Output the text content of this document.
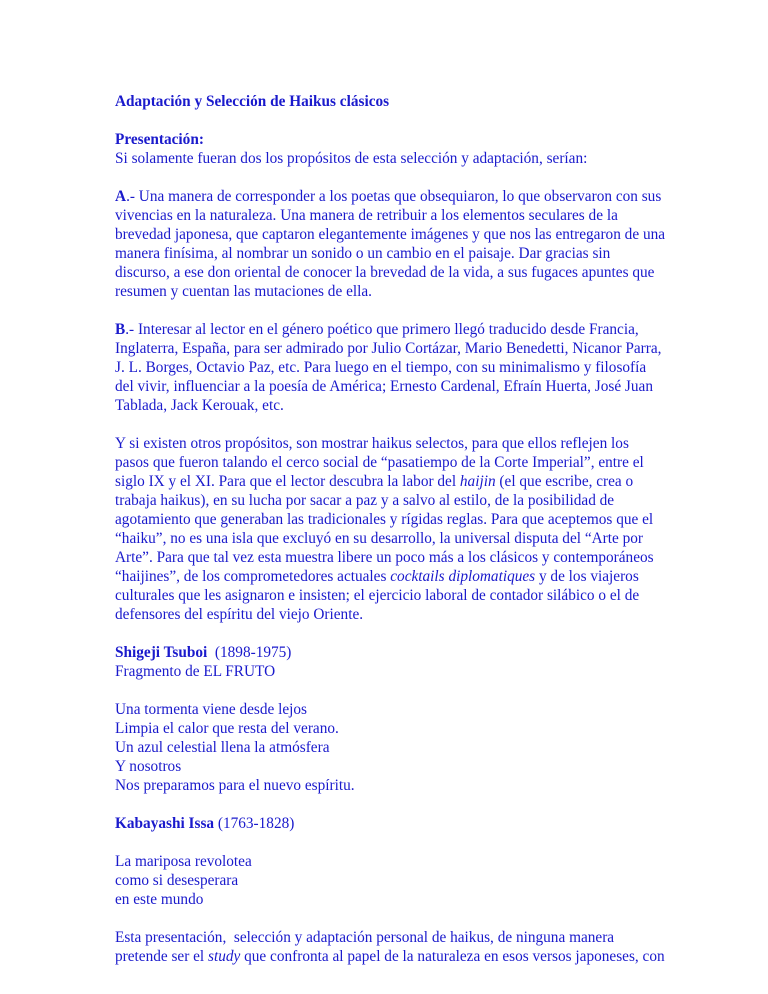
Adaptación y Selección de Haikus clásicos
Presentación:
Si solamente fueran dos los propósitos de esta selección y adaptación, serían:
A.- Una manera de corresponder a los poetas que obsequiaron, lo que observaron con sus
vivencias en la naturaleza. Una manera de retribuir a los elementos seculares de la
brevedad japonesa, que captaron elegantemente imágenes y que nos las entregaron de una
manera finísima, al nombrar un sonido o un cambio en el paisaje. Dar gracias sin
discurso, a ese don oriental de conocer la brevedad de la vida, a sus fugaces apuntes que
resumen y cuentan las mutaciones de ella.
B.- Interesar al lector en el género poético que primero llegó traducido desde Francia,
Inglaterra, España, para ser admirado por Julio Cortázar, Mario Benedetti, Nicanor Parra,
J. L. Borges, Octavio Paz, etc. Para luego en el tiempo, con su minimalismo y filosofía
del vivir, influenciar a la poesía de América; Ernesto Cardenal, Efraín Huerta, José Juan
Tablada, Jack Kerouak, etc.
Y si existen otros propósitos, son mostrar haikus selectos, para que ellos reflejen los
pasos que fueron talando el cerco social de “pasatiempo de la Corte Imperial”, entre el
siglo IX y el XI. Para que el lector descubra la labor del haijin (el que escribe, crea o
trabaja haikus), en su lucha por sacar a paz y a salvo al estilo, de la posibilidad de
agotamiento que generaban las tradicionales y rígidas reglas. Para que aceptemos que el
“haiku”, no es una isla que excluyó en su desarrollo, la universal disputa del “Arte por
Arte”. Para que tal vez esta muestra libere un poco más a los clásicos y contemporáneos
“haijines”, de los comprometedores actuales cocktails diplomatiques y de los viajeros
culturales que les asignaron e insisten; el ejercicio laboral de contador silábico o el de
defensores del espíritu del viejo Oriente.
Shigeji Tsuboi  (1898-1975)
Fragmento de EL FRUTO
Una tormenta viene desde lejos
Limpia el calor que resta del verano.
Un azul celestial llena la atmósfera
Y nosotros
Nos preparamos para el nuevo espíritu.
Kabayashi Issa (1763-1828)
La mariposa revolotea
como si desesperara
en este mundo
Esta presentación,  selección y adaptación personal de haikus, de ninguna manera
pretende ser el study que confronta al papel de la naturaleza en esos versos japoneses, con
